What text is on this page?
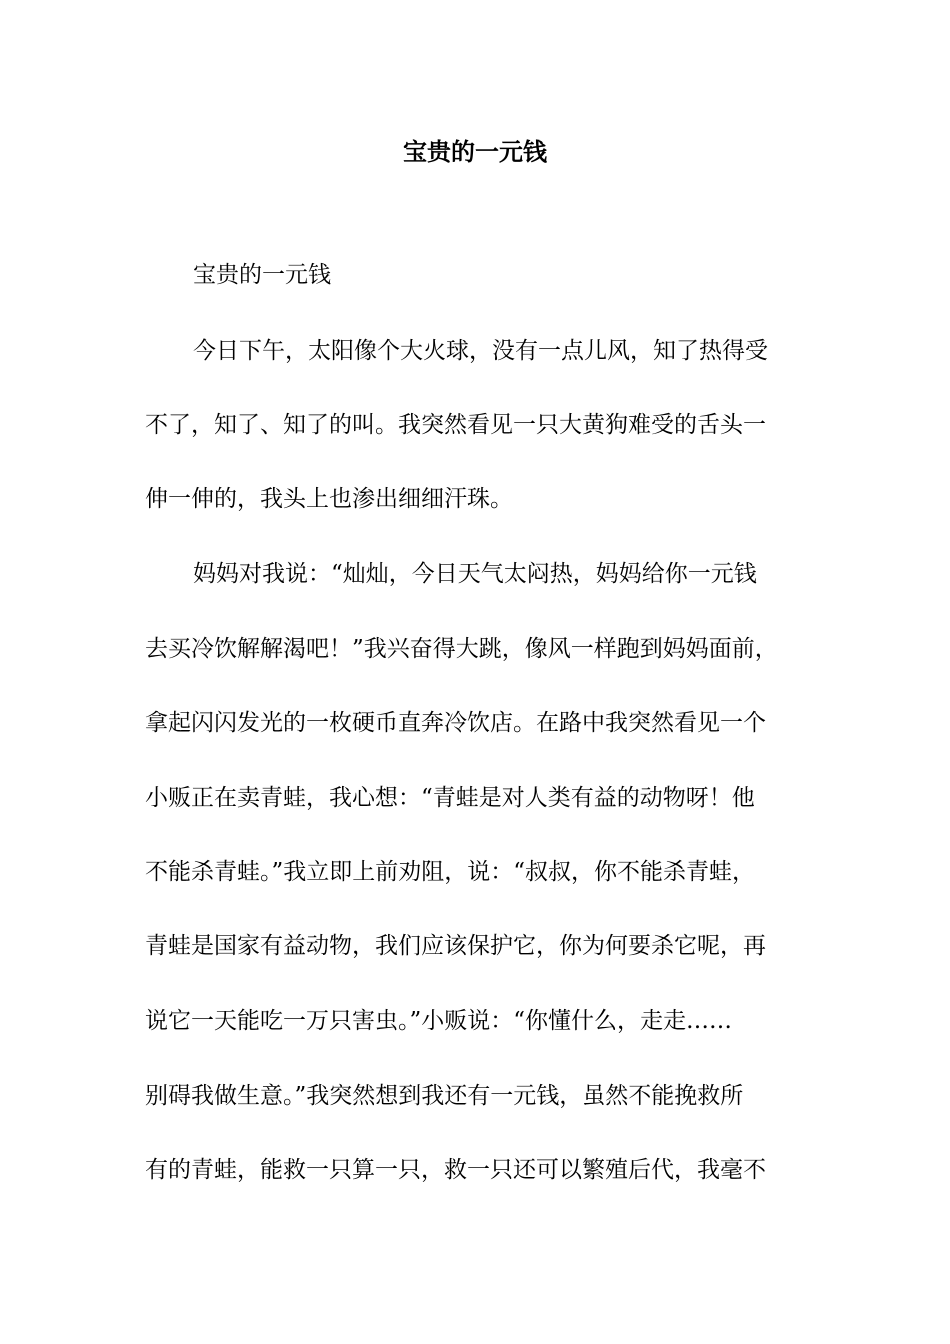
宝贵的一元钱

宝贵的一元钱

今日下午，太阳像个大火球，没有一点儿风，知了热得受

不了，知了、知了的叫。我突然看见一只大黄狗难受的舌头一

伸一伸的，我头上也渗出细细汗珠。

妈妈对我说：“灿灿，今日天气太闷热，妈妈给你一元钱

去买冷饮解解渴吧！”我兴奋得大跳，像风一样跑到妈妈面前，

拿起闪闪发光的一枚硬币直奔冷饮店。在路中我突然看见一个

小贩正在卖青蛙，我心想：“青蛙是对人类有益的动物呀！他

不能杀青蛙。”我立即上前劝阻，说：“叔叔，你不能杀青蛙，

青蛙是国家有益动物，我们应该保护它，你为何要杀它呢，再

说它一天能吃一万只害虫。”小贩说：“你懂什么，走走……

别碍我做生意。”我突然想到我还有一元钱，虽然不能挽救所

有的青蛙，能救一只算一只，救一只还可以繁殖后代，我毫不
